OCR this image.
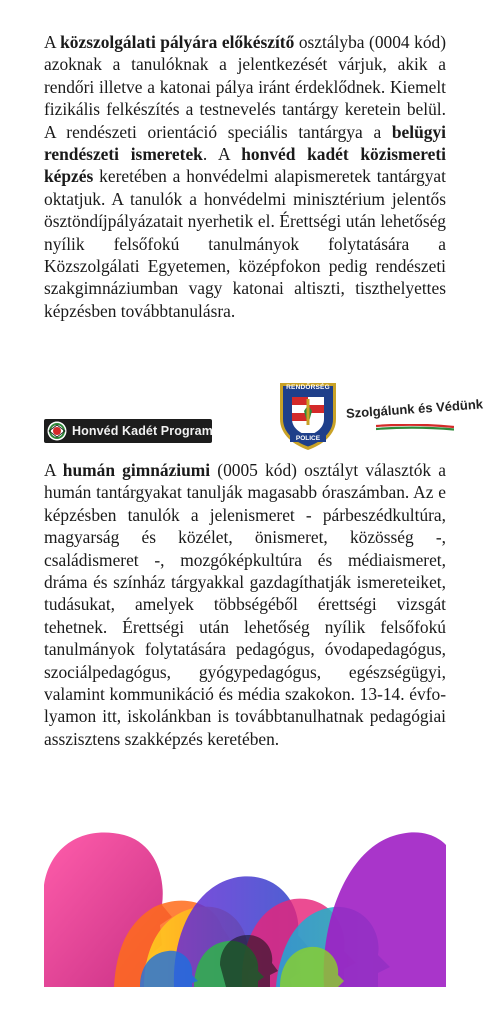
A közszolgálati pályára előkészítő osztályba (0004 kód) azoknak a tanulóknak a jelentkezését várjuk, akik a rendőri illetve a katonai pálya iránt érdeklődnek. Kiemelt fizikális felkészítés a testnevelés tantárgy keretein belül. A rendészeti orientáció speciális tantárgya a belügyi rendészeti ismeretek. A honvéd kadét közismereti képzés keretében a honvédelmi alapismeretek tantárgyat oktatjuk. A tanulók a honvédelmi minisztérium jelentős ösztöndíjpályázatait nyerhetik el. Érettségi után lehetőség nyílik felsőfokú tanulmányok folytatására a Közszolgálati Egyetemen, középfokon pedig rendészeti szakgimnáziumban vagy katonai altiszti, tiszthelyettes képzésben továbbtanulásra.

Honvéd Kadét Program

RENDŐRSÉG

POLICE

Szolgálunk és Védünk

A humán gimnáziumi (0005 kód) osztályt választók a humán tantárgyakat tanulják magasabb óraszámban. Az e képzésben tanulók a jelenismeret - párbeszédkultúra, magyarság és közélet, önismeret, közösség -, családismeret -, mozgóképkultúra és médiaismeret, dráma és színház tárgyakkal gazdagíthatják ismereteiket, tudásukat, amelyek többségéből érettségi vizsgát tehetnek. Érettségi után lehetőség nyílik felsőfokú tanulmányok folytatására pedagógus, óvodapedagógus, szociálpedagógus, gyógypedagógus, egészségügyi, valamint kommunikáció és média szakokon. 13-14. évfolyamon itt, iskolánkban is továbbtanulhatnak pedagógiai asszisztens szakképzés keretében.
